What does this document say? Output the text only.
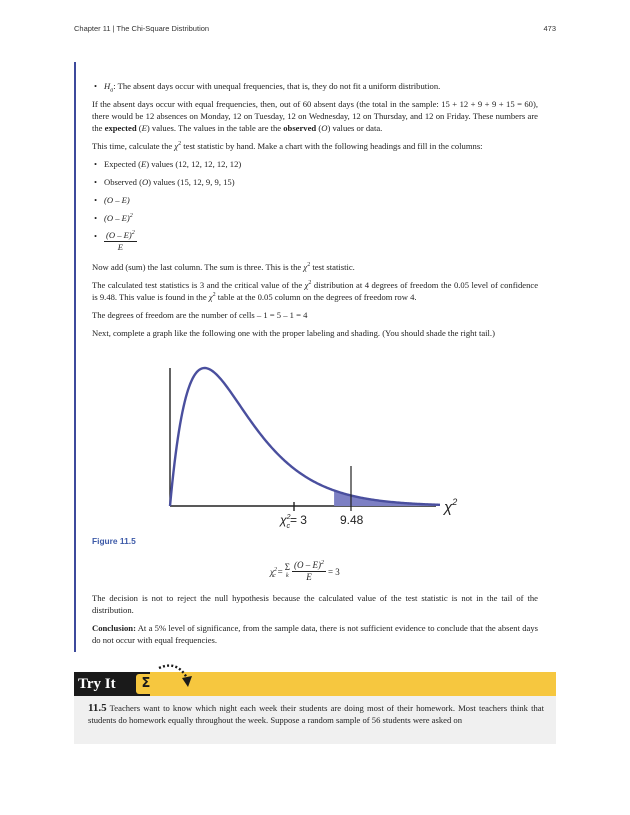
Chapter 11 | The Chi-Square Distribution	473
• $H_a$: The absent days occur with unequal frequencies, that is, they do not fit a uniform distribution.

If the absent days occur with equal frequencies, then, out of 60 absent days (the total in the sample: 15 + 12 + 9 + 9 + 15 = 60), there would be 12 absences on Monday, 12 on Tuesday, 12 on Wednesday, 12 on Thursday, and 12 on Friday. These numbers are the expected (E) values. The values in the table are the observed (O) values or data.

This time, calculate the $\chi^2$ test statistic by hand. Make a chart with the following headings and fill in the columns:

• Expected (E) values (12, 12, 12, 12, 12)
• Observed (O) values (15, 12, 9, 9, 15)
• (O – E)
• (O – E)$^2$
• $\frac{(O - E)^2}{E}$

Now add (sum) the last column. The sum is three. This is the $\chi^2$ test statistic.

The calculated test statistics is 3 and the critical value of the $\chi^2$ distribution at 4 degrees of freedom the 0.05 level of confidence is 9.48. This value is found in the $\chi^2$ table at the 0.05 column on the degrees of freedom row 4.

The degrees of freedom are the number of cells – 1 = 5 – 1 = 4

Next, complete a graph like the following one with the proper labeling and shading. (You should shade the right tail.)

$\chi^2$ c= 3	9.48
$\chi^2$
Figure 11.5
$\chi^2_c = \Sigma$
k $\frac{(O - E)^2}{E} = 3$

The decision is not to reject the null hypothesis because the calculated value of the test statistic is not in the tail of the distribution.

Conclusion: At a 5% level of significance, from the sample data, there is not sufficient evidence to conclude that the absent days do not occur with equal frequencies.

Try It	Σ
11.5 Teachers want to know which night each week their students are doing most of their homework. Most teachers think that students do homework equally throughout the week. Suppose a random sample of 56 students were asked on
